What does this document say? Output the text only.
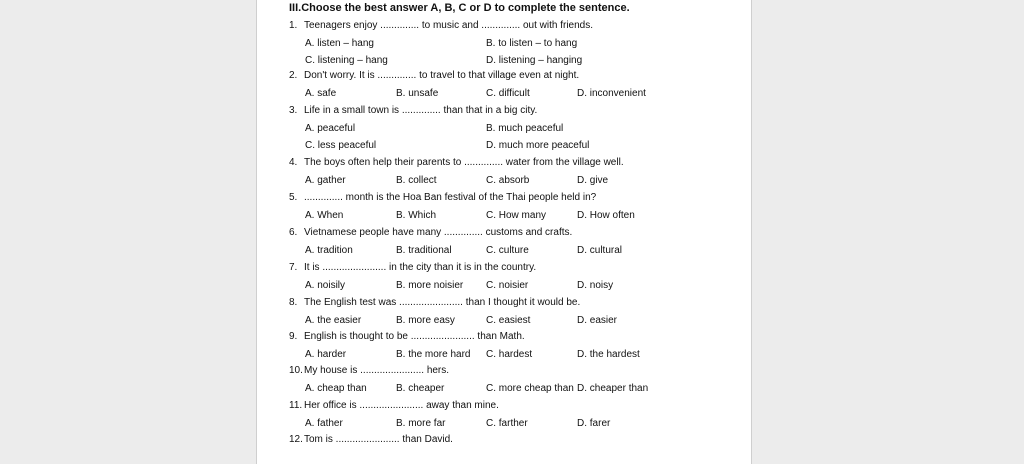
III.Choose the best answer A, B, C or D to complete the sentence.
1. Teenagers enjoy .............. to music and .............. out with friends.
A. listen – hang	B. to listen – to hang
C. listening – hang	D. listening – hanging
2. Don't worry. It is .............. to travel to that village even at night.
A. safe	B. unsafe	C. difficult	D. inconvenient
3. Life in a small town is .............. than that in a big city.
A. peaceful	B. much peaceful
C. less peaceful	D. much more peaceful
4. The boys often help their parents to .............. water from the village well.
A. gather	B. collect	C. absorb	D. give
5. .............. month is the Hoa Ban festival of the Thai people held in?
A. When	B. Which	C. How many	D. How often
6. Vietnamese people have many .............. customs and crafts.
A. tradition	B. traditional	C. culture	D. cultural
7. It is ....................... in the city than it is in the country.
A. noisily	B. more noisier C. noisier	D. noisy
8. The English test was ....................... than I thought it would be.
A. the easier	B. more easy	C. easiest	D. easier
9. English is thought to be ....................... than Math.
A. harder	B. the more hard C. hardest	D. the hardest
10.My house is ....................... hers.
A. cheap than	B. cheaper	C. more cheap than D. cheaper than
11. Her office is ....................... away than mine.
A. father	B. more far	C. farther	D. farer
12.Tom is ....................... than David.
